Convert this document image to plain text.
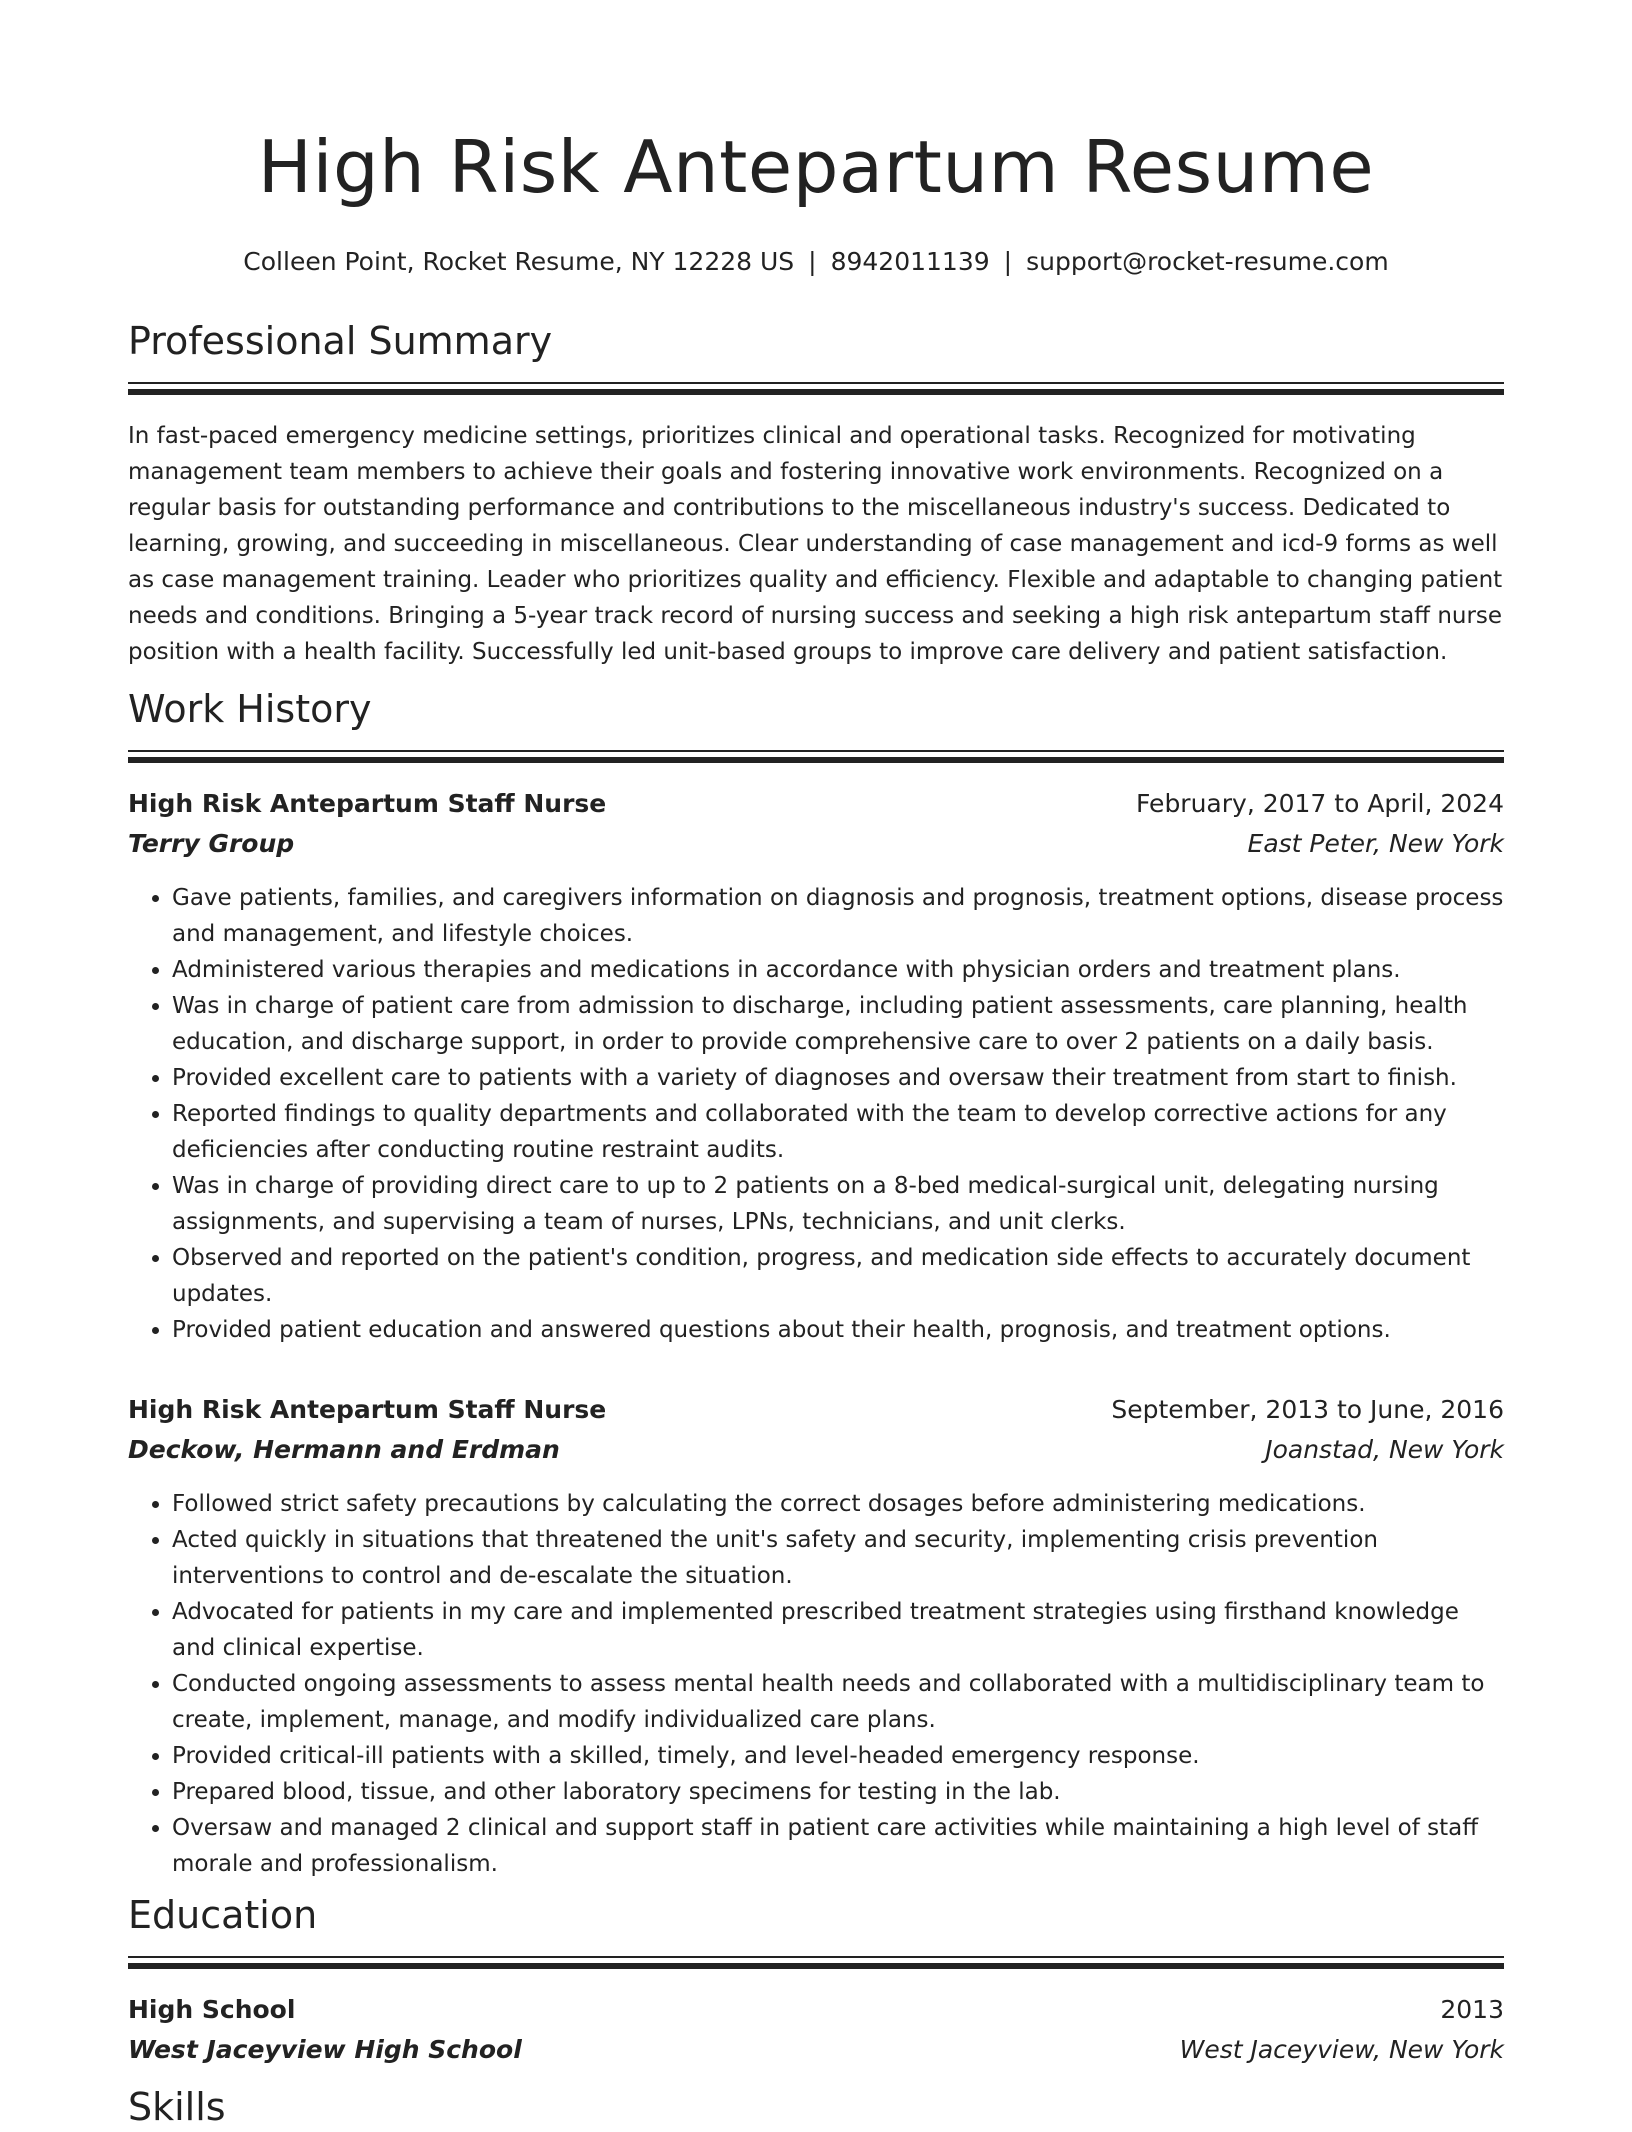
High Risk Antepartum Resume
Colleen Point, Rocket Resume, NY 12228 US | 8942011139 | support@rocket-resume.com
Professional Summary

In fast-paced emergency medicine settings, prioritizes clinical and operational tasks. Recognized for motivating management team members to achieve their goals and fostering innovative work environments. Recognized on a regular basis for outstanding performance and contributions to the miscellaneous industry's success. Dedicated to learning, growing, and succeeding in miscellaneous. Clear understanding of case management and icd-9 forms as well as case management training. Leader who prioritizes quality and efficiency. Flexible and adaptable to changing patient needs and conditions. Bringing a 5-year track record of nursing success and seeking a high risk antepartum staff nurse position with a health facility. Successfully led unit-based groups to improve care delivery and patient satisfaction.

Work History
High Risk Antepartum Staff Nurse	February, 2017 to April, 2024
Terry Group	East Peter, New York
• Gave patients, families, and caregivers information on diagnosis and prognosis, treatment options, disease process and management, and lifestyle choices.
• Administered various therapies and medications in accordance with physician orders and treatment plans.
• Was in charge of patient care from admission to discharge, including patient assessments, care planning, health education, and discharge support, in order to provide comprehensive care to over 2 patients on a daily basis.
• Provided excellent care to patients with a variety of diagnoses and oversaw their treatment from start to finish.
• Reported findings to quality departments and collaborated with the team to develop corrective actions for any deficiencies after conducting routine restraint audits.
• Was in charge of providing direct care to up to 2 patients on a 8-bed medical-surgical unit, delegating nursing assignments, and supervising a team of nurses, LPNs, technicians, and unit clerks.
• Observed and reported on the patient's condition, progress, and medication side effects to accurately document updates.
• Provided patient education and answered questions about their health, prognosis, and treatment options.
High Risk Antepartum Staff Nurse	September, 2013 to June, 2016
Deckow, Hermann and Erdman	Joanstad, New York
• Followed strict safety precautions by calculating the correct dosages before administering medications.
• Acted quickly in situations that threatened the unit's safety and security, implementing crisis prevention interventions to control and de-escalate the situation.
• Advocated for patients in my care and implemented prescribed treatment strategies using firsthand knowledge and clinical expertise.
• Conducted ongoing assessments to assess mental health needs and collaborated with a multidisciplinary team to create, implement, manage, and modify individualized care plans.
• Provided critical-ill patients with a skilled, timely, and level-headed emergency response.
• Prepared blood, tissue, and other laboratory specimens for testing in the lab.
• Oversaw and managed 2 clinical and support staff in patient care activities while maintaining a high level of staff morale and professionalism.
Education
High School	2013
West Jaceyview High School	West Jaceyview, New York
Skills
